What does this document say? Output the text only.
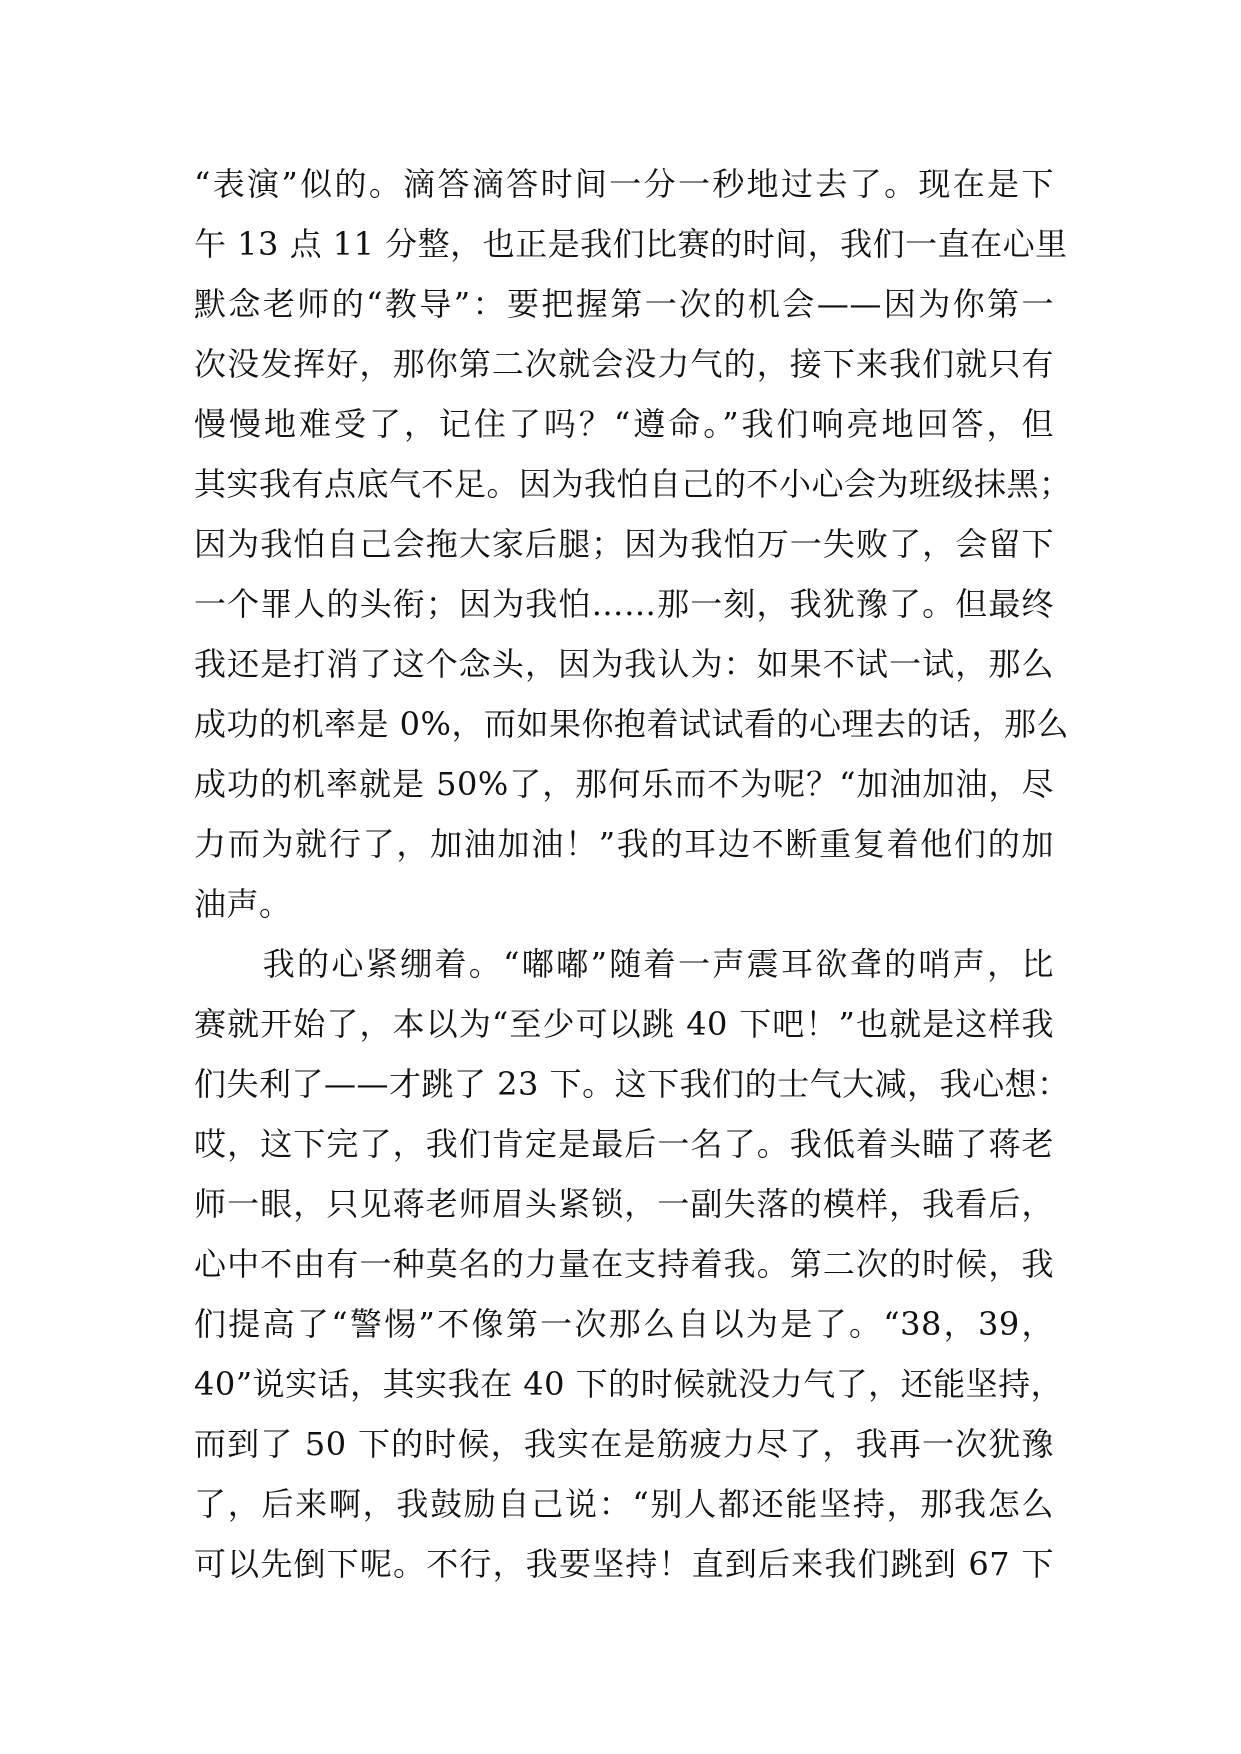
“表演”似的。滴答滴答时间一分一秒地过去了。现在是下
午 13 点 11 分整，也正是我们比赛的时间，我们一直在心里
默念老师的“教导”：要把握第一次的机会——因为你第一
次没发挥好，那你第二次就会没力气的，接下来我们就只有
慢慢地难受了，记住了吗？“遵命。”我们响亮地回答，但
其实我有点底气不足。因为我怕自己的不小心会为班级抹黑；
因为我怕自己会拖大家后腿；因为我怕万一失败了，会留下
一个罪人的头衔；因为我怕……那一刻，我犹豫了。但最终
我还是打消了这个念头，因为我认为：如果不试一试，那么
成功的机率是 0%，而如果你抱着试试看的心理去的话，那么
成功的机率就是 50%了，那何乐而不为呢？“加油加油，尽
力而为就行了，加油加油！”我的耳边不断重复着他们的加
油声。
　　我的心紧绷着。“嘟嘟”随着一声震耳欲聋的哨声，比
赛就开始了，本以为“至少可以跳 40 下吧！”也就是这样我
们失利了——才跳了 23 下。这下我们的士气大减，我心想：
哎，这下完了，我们肯定是最后一名了。我低着头瞄了蒋老
师一眼，只见蒋老师眉头紧锁，一副失落的模样，我看后，
心中不由有一种莫名的力量在支持着我。第二次的时候，我
们提高了“警惕”不像第一次那么自以为是了。“38，39，
40”说实话，其实我在 40 下的时候就没力气了，还能坚持，
而到了 50 下的时候，我实在是筋疲力尽了，我再一次犹豫
了，后来啊，我鼓励自己说：“别人都还能坚持，那我怎么
可以先倒下呢。不行，我要坚持！直到后来我们跳到 67 下
